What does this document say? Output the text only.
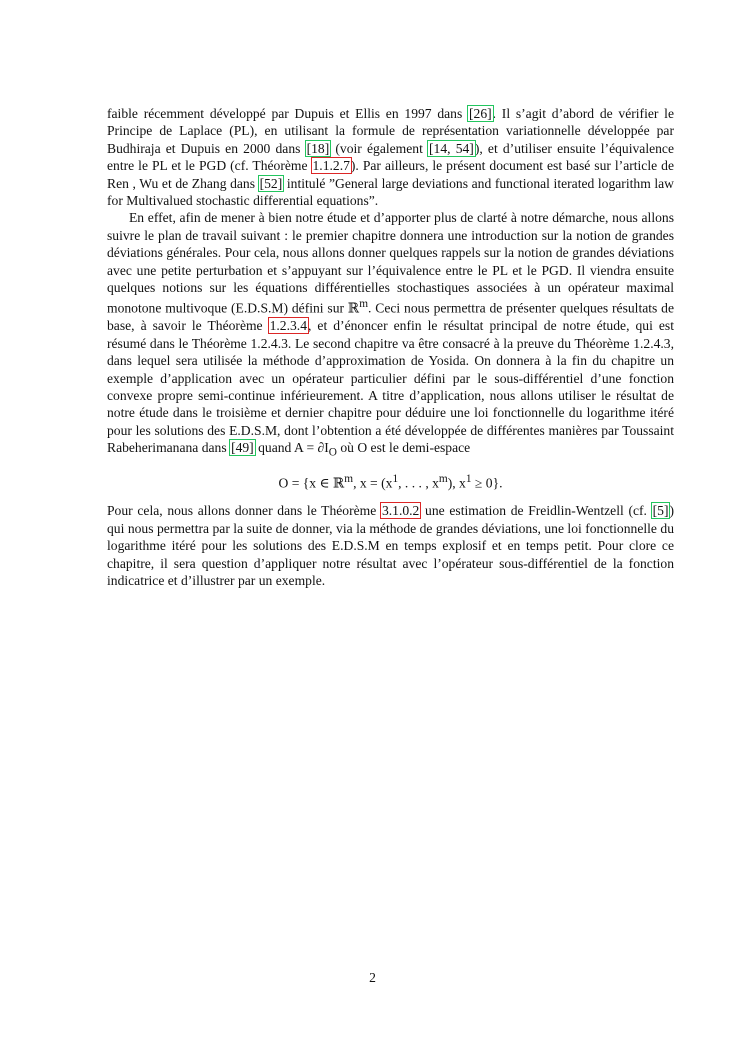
faible récemment développé par Dupuis et Ellis en 1997 dans [26]. Il s’agit d’abord de vérifier le Principe de Laplace (PL), en utilisant la formule de représentation variationnelle développée par Budhiraja et Dupuis en 2000 dans [18] (voir également [14, 54]), et d’utiliser ensuite l’équivalence entre le PL et le PGD (cf. Théorème 1.1.2.7). Par ailleurs, le présent document est basé sur l’article de Ren , Wu et de Zhang dans [52] intitulé ”General large deviations and functional iterated logarithm law for Multivalued stochastic differential equations”.

En effet, afin de mener à bien notre étude et d’apporter plus de clarté à notre démarche, nous allons suivre le plan de travail suivant : le premier chapitre donnera une introduction sur la notion de grandes déviations générales. Pour cela, nous allons donner quelques rappels sur la notion de grandes déviations avec une petite perturbation et s’appuyant sur l’équivalence entre le PL et le PGD. Il viendra ensuite quelques notions sur les équations différentielles stochastiques associées à un opérateur maximal monotone multivoque (E.D.S.M) défini sur ℝ$^m$. Ceci nous permettra de présenter quelques résultats de base, à savoir le Théorème 1.2.3.4, et d’énoncer enfin le résultat principal de notre étude, qui est résumé dans le Théorème 1.2.4.3. Le second chapitre va être consacré à la preuve du Théorème 1.2.4.3, dans lequel sera utilisée la méthode d’approximation de Yosida. On donnera à la fin du chapitre un exemple d’application avec un opérateur particulier défini par le sous-différentiel d’une fonction convexe propre semi-continue inférieurement. A titre d’application, nous allons utiliser le résultat de notre étude dans le troisième et dernier chapitre pour déduire une loi fonctionnelle du logarithme itéré pour les solutions des E.D.S.M, dont l’obtention a été développée de différentes manières par Toussaint Rabeherimanana dans [49] quand $A = \partial I_O$ où O est le demi-espace

O = {x ∈ ℝ$^m$, $x = (x^1$, . . . , $x^m$), $x^1 \ge 0$}.

Pour cela, nous allons donner dans le Théorème 3.1.0.2 une estimation de Freidlin-Wentzell (cf. [5]) qui nous permettra par la suite de donner, via la méthode de grandes déviations, une loi fonctionnelle du logarithme itéré pour les solutions des E.D.S.M en temps explosif et en temps petit. Pour clore ce chapitre, il sera question d’appliquer notre résultat avec l’opérateur sous-différentiel de la fonction indicatrice et d’illustrer par un exemple.

2
